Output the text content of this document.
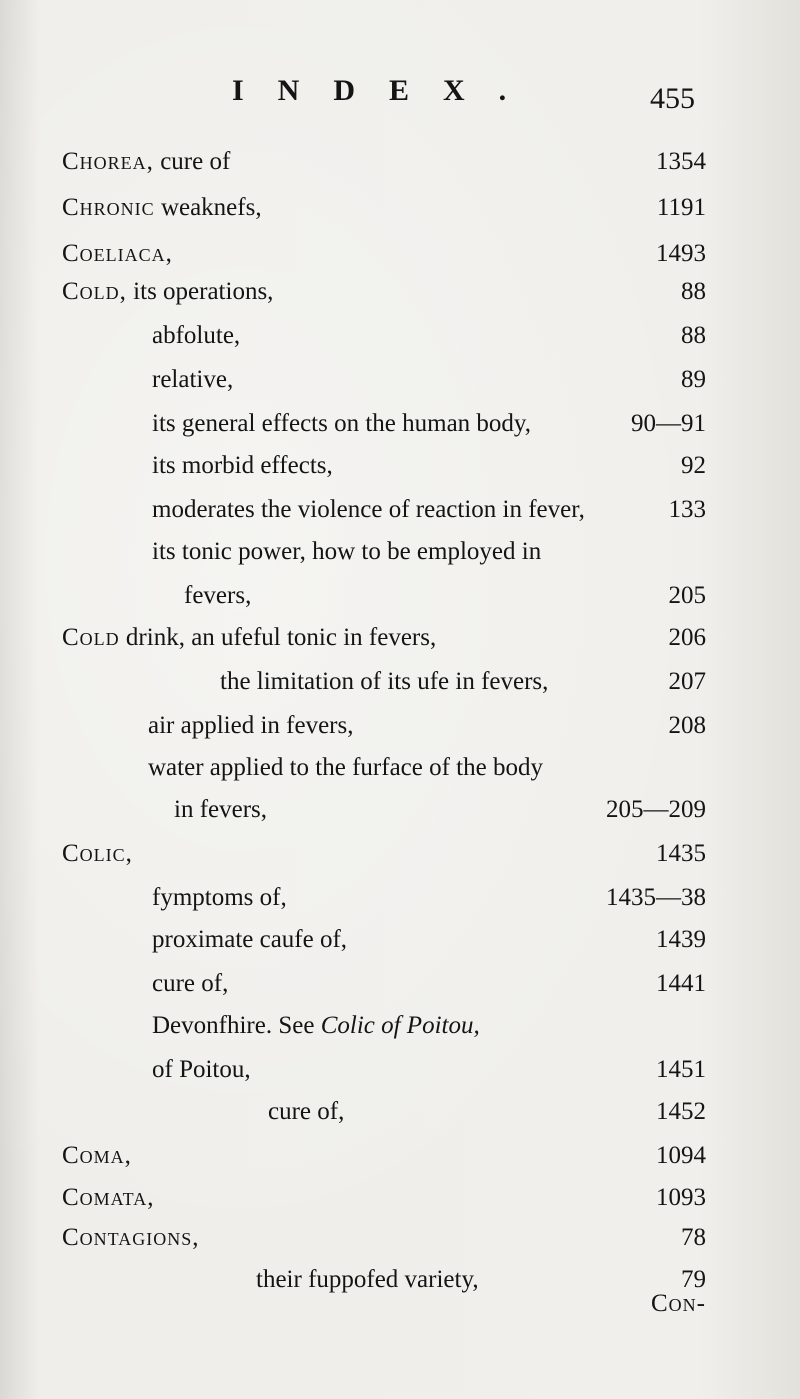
INDEX.	455
Chorea, cure of	1354
Chronic weaknefs,	1191
Coeliaca,	1493
Cold, its operations,	88
abfolute,	88
relative,	89
its general effects on the human body,	90—91
its morbid effects,	92
moderates the violence of reaction in fever,	133
its tonic power, how to be employed in
fevers,	205
Cold drink, an ufeful tonic in fevers,	206
the limitation of its ufe in fevers,	207
air applied in fevers,	208
water applied to the furface of the body
in fevers,	205—209
Colic,	1435
fymptoms of,	1435—38
proximate caufe of,	1439
cure of,	1441
Devonfhire. See Colic of Poitou,
of Poitou,	1451
cure of,	1452
Coma,	1094
Comata,	1093
Contagions,	78
their fuppofed variety,	79
Con-
